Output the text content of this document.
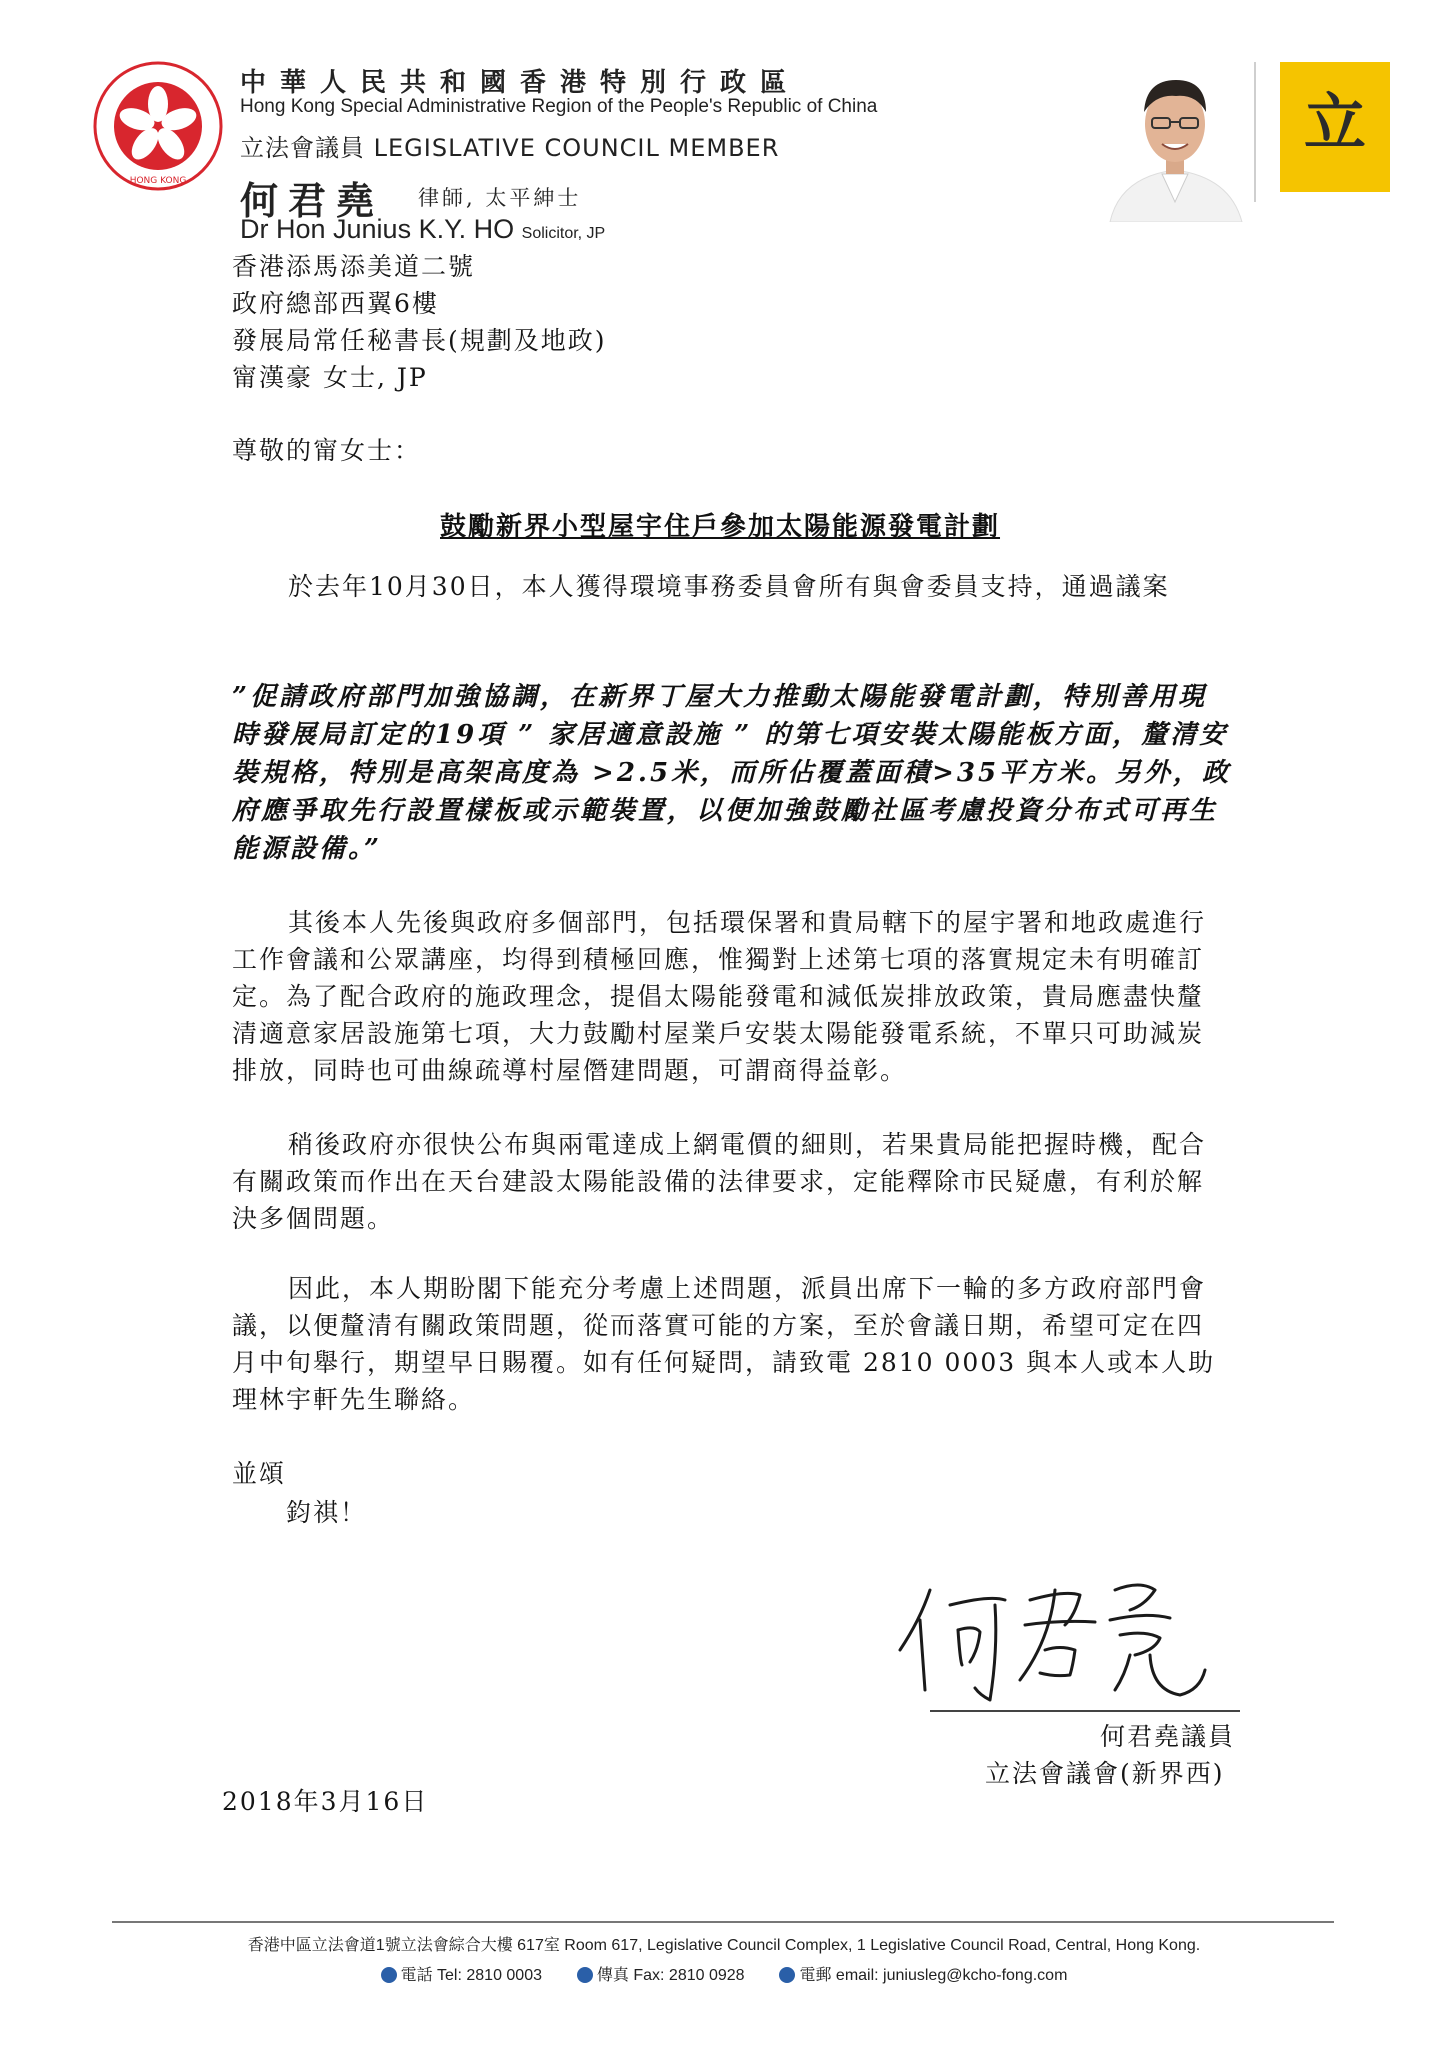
HONG KONG
中華人民共和國香港特別行政區
Hong Kong Special Administrative Region of the People's Republic of China
立法會議員 LEGISLATIVE COUNCIL MEMBER
何君堯 律師, 太平紳士
Dr Hon Junius K.Y. HO Solicitor, JP
立
香港添馬添美道二號
政府總部西翼6樓
發展局常任秘書長(規劃及地政)
甯漢豪 女士, JP
尊敬的甯女士：
鼓勵新界小型屋宇住戶參加太陽能源發電計劃

於去年10月30日，本人獲得環境事務委員會所有與會委員支持，通過議案

”促請政府部門加強協調，在新界丁屋大力推動太陽能發電計劃，特別善用現時發展局訂定的19項 ” 家居適意設施 ” 的第七項安裝太陽能板方面，釐清安裝規格，特別是高架高度為 >2.5米，而所佔覆蓋面積>35平方米。另外，政府應爭取先行設置樣板或示範裝置，以便加強鼓勵社區考慮投資分布式可再生能源設備。”

其後本人先後與政府多個部門，包括環保署和貴局轄下的屋宇署和地政處進行工作會議和公眾講座，均得到積極回應，惟獨對上述第七項的落實規定未有明確訂定。為了配合政府的施政理念，提倡太陽能發電和減低炭排放政策，貴局應盡快釐清適意家居設施第七項，大力鼓勵村屋業戶安裝太陽能發電系統，不單只可助減炭排放，同時也可曲線疏導村屋僭建問題，可謂商得益彰。

稍後政府亦很快公布與兩電達成上網電價的細則，若果貴局能把握時機，配合有關政策而作出在天台建設太陽能設備的法律要求，定能釋除市民疑慮，有利於解決多個問題。

因此，本人期盼閣下能充分考慮上述問題，派員出席下一輪的多方政府部門會議，以便釐清有關政策問題，從而落實可能的方案，至於會議日期，希望可定在四月中旬舉行，期望早日賜覆。如有任何疑問，請致電 2810 0003 與本人或本人助理林宇軒先生聯絡。

並頌
鈞祺！
何君堯議員
立法會議會(新界西)
2018年3月16日
香港中區立法會道1號立法會綜合大樓 617室 Room 617, Legislative Council Complex, 1 Legislative Council Road, Central, Hong Kong.
電話 Tel: 2810 0003	傳真 Fax: 2810 0928	電郵 email: juniusleg@kcho-fong.com
